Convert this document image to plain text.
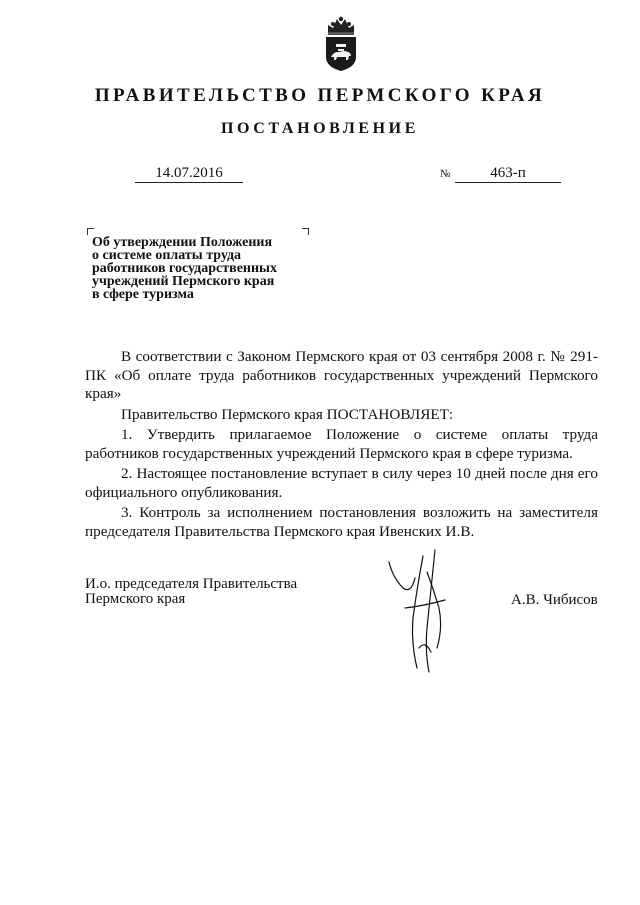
ПРАВИТЕЛЬСТВО ПЕРМСКОГО КРАЯ
ПОСТАНОВЛЕНИЕ
14.07.2016	№	463-п
Об утверждении Положения
о системе оплаты труда
работников государственных
учреждений Пермского края
в сфере туризма

В соответствии с Законом Пермского края от 03 сентября 2008 г. № 291-ПК «Об оплате труда работников государственных учреждений Пермского края»

Правительство Пермского края ПОСТАНОВЛЯЕТ:

1. Утвердить прилагаемое Положение о системе оплаты труда работников государственных учреждений Пермского края в сфере туризма.

2. Настоящее постановление вступает в силу через 10 дней после дня его официального опубликования.

3. Контроль за исполнением постановления возложить на заместителя председателя Правительства Пермского края Ивенских И.В.

И.о. председателя Правительства
Пермского края	А.В. Чибисов
